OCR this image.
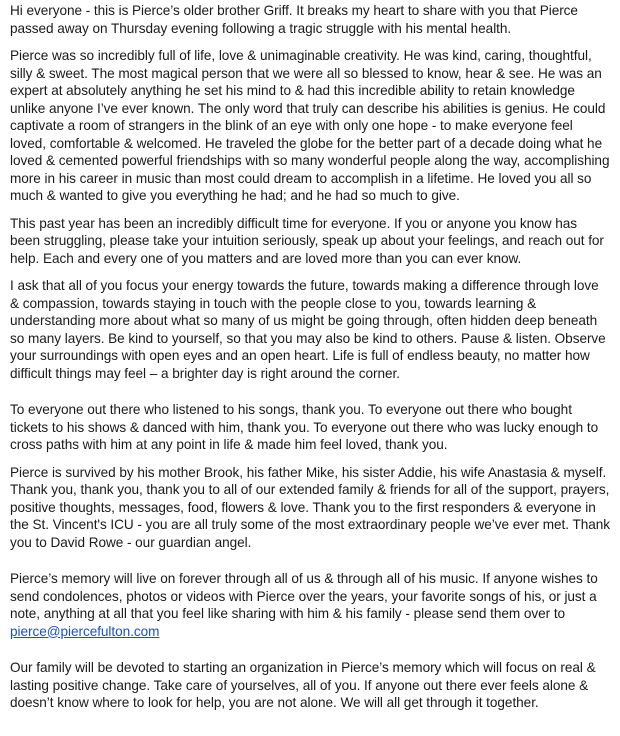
Hi everyone - this is Pierce’s older brother Griff. It breaks my heart to share with you that Pierce passed away on Thursday evening following a tragic struggle with his mental health.

Pierce was so incredibly full of life, love & unimaginable creativity. He was kind, caring, thoughtful, silly & sweet. The most magical person that we were all so blessed to know, hear & see. He was an expert at absolutely anything he set his mind to & had this incredible ability to retain knowledge unlike anyone I’ve ever known. The only word that truly can describe his abilities is genius. He could captivate a room of strangers in the blink of an eye with only one hope - to make everyone feel loved, comfortable & welcomed. He traveled the globe for the better part of a decade doing what he loved & cemented powerful friendships with so many wonderful people along the way, accomplishing more in his career in music than most could dream to accomplish in a lifetime. He loved you all so much & wanted to give you everything he had; and he had so much to give.

This past year has been an incredibly difficult time for everyone. If you or anyone you know has been struggling, please take your intuition seriously, speak up about your feelings, and reach out for help. Each and every one of you matters and are loved more than you can ever know.

I ask that all of you focus your energy towards the future, towards making a difference through love & compassion, towards staying in touch with the people close to you, towards learning & understanding more about what so many of us might be going through, often hidden deep beneath so many layers. Be kind to yourself, so that you may also be kind to others. Pause & listen. Observe your surroundings with open eyes and an open heart. Life is full of endless beauty, no matter how difficult things may feel – a brighter day is right around the corner.

To everyone out there who listened to his songs, thank you. To everyone out there who bought tickets to his shows & danced with him, thank you. To everyone out there who was lucky enough to cross paths with him at any point in life & made him feel loved, thank you.

Pierce is survived by his mother Brook, his father Mike, his sister Addie, his wife Anastasia & myself. Thank you, thank you, thank you to all of our extended family & friends for all of the support, prayers, positive thoughts, messages, food, flowers & love. Thank you to the first responders & everyone in the St. Vincent's ICU - you are all truly some of the most extraordinary people we’ve ever met. Thank you to David Rowe - our guardian angel.

Pierce’s memory will live on forever through all of us & through all of his music. If anyone wishes to send condolences, photos or videos with Pierce over the years, your favorite songs of his, or just a note, anything at all that you feel like sharing with him & his family - please send them over to pierce@piercefulton.com

Our family will be devoted to starting an organization in Pierce’s memory which will focus on real & lasting positive change. Take care of yourselves, all of you. If anyone out there ever feels alone & doesn’t know where to look for help, you are not alone. We will all get through it together.
